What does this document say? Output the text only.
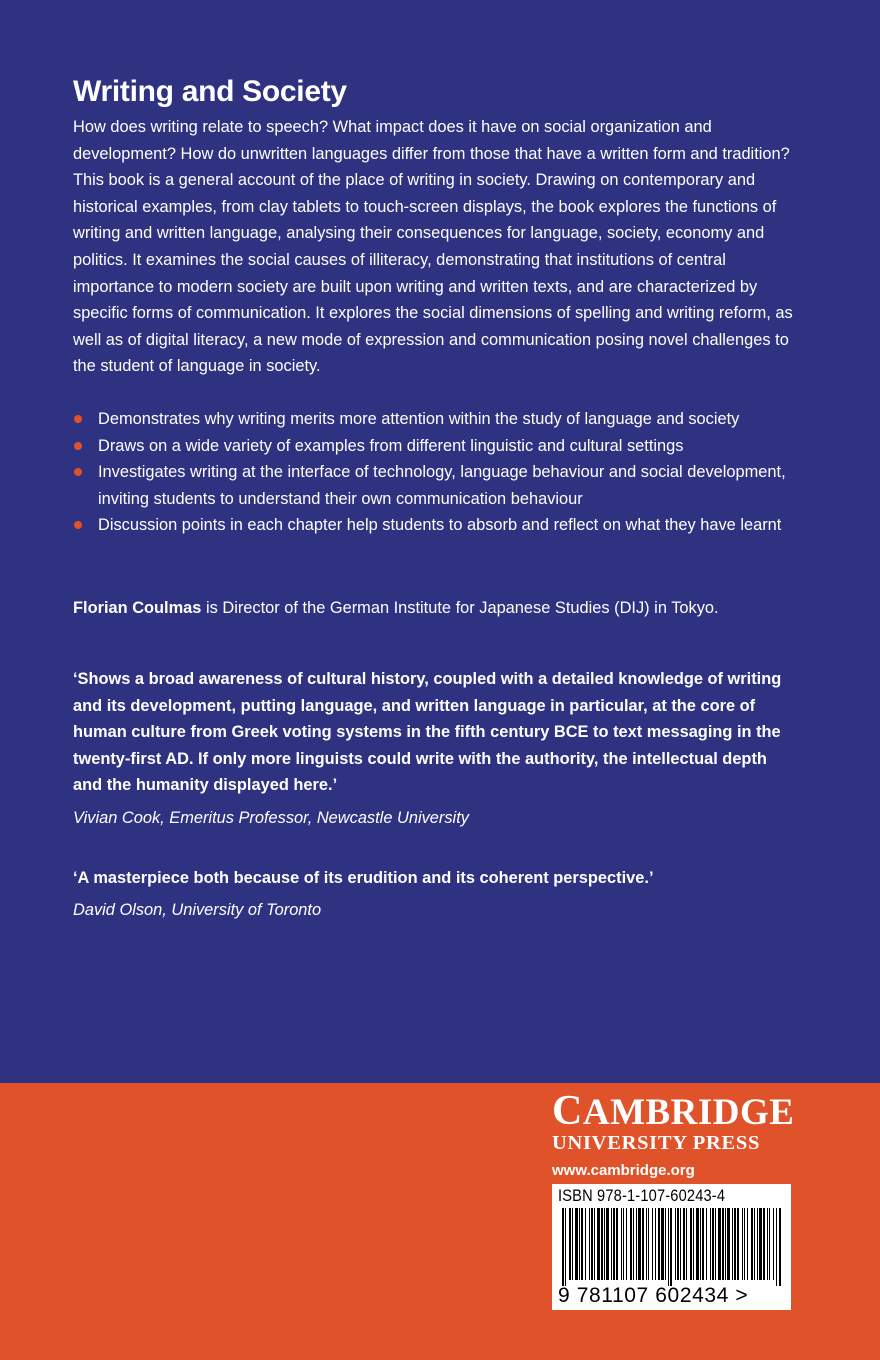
Writing and Society

How does writing relate to speech? What impact does it have on social organization and development? How do unwritten languages differ from those that have a written form and tradition? This book is a general account of the place of writing in society. Drawing on contemporary and historical examples, from clay tablets to touch-screen displays, the book explores the functions of writing and written language, analysing their consequences for language, society, economy and politics. It examines the social causes of illiteracy, demonstrating that institutions of central importance to modern society are built upon writing and written texts, and are characterized by specific forms of communication. It explores the social dimensions of spelling and writing reform, as well as of digital literacy, a new mode of expression and communication posing novel challenges to the student of language in society.

Demonstrates why writing merits more attention within the study of language and society
Draws on a wide variety of examples from different linguistic and cultural settings
Investigates writing at the interface of technology, language behaviour and social development, inviting students to understand their own communication behaviour
Discussion points in each chapter help students to absorb and reflect on what they have learnt

Florian Coulmas is Director of the German Institute for Japanese Studies (DIJ) in Tokyo.

‘Shows a broad awareness of cultural history, coupled with a detailed knowledge of writing and its development, putting language, and written language in particular, at the core of human culture from Greek voting systems in the fifth century BCE to text messaging in the twenty-first AD. If only more linguists could write with the authority, the intellectual depth and the humanity displayed here.’

Vivian Cook, Emeritus Professor, Newcastle University

‘A masterpiece both because of its erudition and its coherent perspective.’

David Olson, University of Toronto

CAMBRIDGE
UNIVERSITY PRESS
www.cambridge.org
ISBN 978-1-107-60243-4
9 781107 602434 >
